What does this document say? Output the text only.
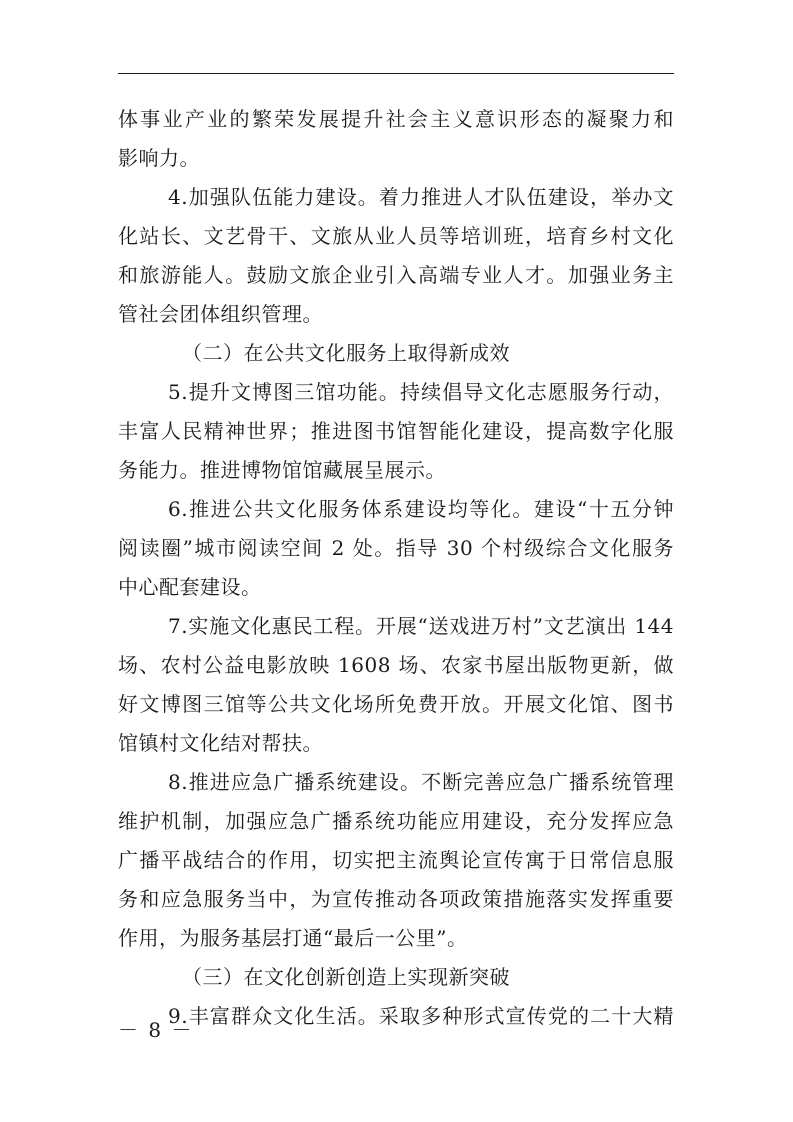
体事业产业的繁荣发展提升社会主义意识形态的凝聚力和
影响力。
4.加强队伍能力建设。着力推进人才队伍建设，举办文
化站长、文艺骨干、文旅从业人员等培训班，培育乡村文化
和旅游能人。鼓励文旅企业引入高端专业人才。加强业务主
管社会团体组织管理。
（二）在公共文化服务上取得新成效
5.提升文博图三馆功能。持续倡导文化志愿服务行动，
丰富人民精神世界；推进图书馆智能化建设，提高数字化服
务能力。推进博物馆馆藏展呈展示。
6.推进公共文化服务体系建设均等化。建设“十五分钟
阅读圈”城市阅读空间 2 处。指导 30 个村级综合文化服务
中心配套建设。
7.实施文化惠民工程。开展“送戏进万村”文艺演出 144
场、农村公益电影放映 1608 场、农家书屋出版物更新，做
好文博图三馆等公共文化场所免费开放。开展文化馆、图书
馆镇村文化结对帮扶。
8.推进应急广播系统建设。不断完善应急广播系统管理
维护机制，加强应急广播系统功能应用建设，充分发挥应急
广播平战结合的作用，切实把主流舆论宣传寓于日常信息服
务和应急服务当中，为宣传推动各项政策措施落实发挥重要
作用，为服务基层打通“最后一公里”。
（三）在文化创新创造上实现新突破
9.丰富群众文化生活。采取多种形式宣传党的二十大精
－ 8 －
